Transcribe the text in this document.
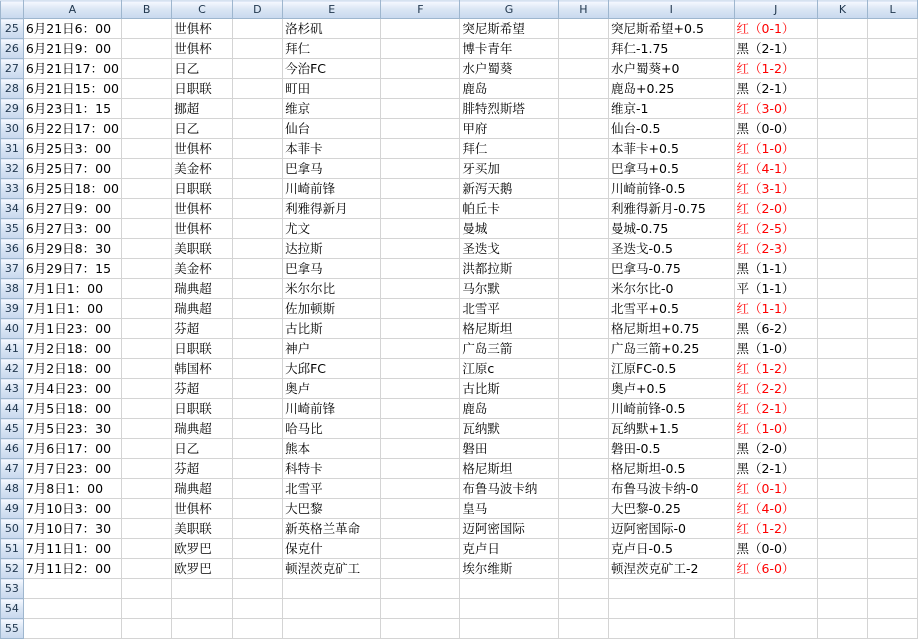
	A	B	C	D	E	F	G	H	I	J	K	L
25	6月21日6：00		世俱杯		洛杉矶		突尼斯希望		突尼斯希望+0.5	红（0-1）		
26	6月21日9：00		世俱杯		拜仁		博卡青年		拜仁-1.75	黑（2-1）		
27	6月21日17：00		日乙		今治FC		水户蜀葵		水户蜀葵+0	红（1-2）		
28	6月21日15：00		日职联		町田		鹿岛		鹿岛+0.25	黑（2-1）		
29	6月23日1：15		挪超		维京		腓特烈斯塔		维京-1	红（3-0）		
30	6月22日17：00		日乙		仙台		甲府		仙台-0.5	黑（0-0）		
31	6月25日3：00		世俱杯		本菲卡		拜仁		本菲卡+0.5	红（1-0）		
32	6月25日7：00		美金杯		巴拿马		牙买加		巴拿马+0.5	红（4-1）		
33	6月25日18：00		日职联		川崎前锋		新泻天鹅		川崎前锋-0.5	红（3-1）		
34	6月27日9：00		世俱杯		利雅得新月		帕丘卡		利雅得新月-0.75	红（2-0）		
35	6月27日3：00		世俱杯		尤文		曼城		曼城-0.75	红（2-5）		
36	6月29日8：30		美职联		达拉斯		圣迭戈		圣迭戈-0.5	红（2-3）		
37	6月29日7：15		美金杯		巴拿马		洪都拉斯		巴拿马-0.75	黑（1-1）		
38	7月1日1：00		瑞典超		米尔尔比		马尔默		米尔尔比-0	平（1-1）		
39	7月1日1：00		瑞典超		佐加顿斯		北雪平		北雪平+0.5	红（1-1）		
40	7月1日23：00		芬超		古比斯		格尼斯坦		格尼斯坦+0.75	黑（6-2）		
41	7月2日18：00		日职联		神户		广岛三箭		广岛三箭+0.25	黑（1-0）		
42	7月2日18：00		韩国杯		大邱FC		江原c		江原FC-0.5	红（1-2）		
43	7月4日23：00		芬超		奥卢		古比斯		奥卢+0.5	红（2-2）		
44	7月5日18：00		日职联		川崎前锋		鹿岛		川崎前锋-0.5	红（2-1）		
45	7月5日23：30		瑞典超		哈马比		瓦纳默		瓦纳默+1.5	红（1-0）		
46	7月6日17：00		日乙		熊本		磐田		磐田-0.5	黑（2-0）		
47	7月7日23：00		芬超		科特卡		格尼斯坦		格尼斯坦-0.5	黑（2-1）		
48	7月8日1：00		瑞典超		北雪平		布鲁马波卡纳		布鲁马波卡纳-0	红（0-1）		
49	7月10日3：00		世俱杯		大巴黎		皇马		大巴黎-0.25	红（4-0）		
50	7月10日7：30		美职联		新英格兰革命		迈阿密国际		迈阿密国际-0	红（1-2）		
51	7月11日1：00		欧罗巴		保克什		克卢日		克卢日-0.5	黑（0-0）		
52	7月11日2：00		欧罗巴		顿涅茨克矿工		埃尔维斯		顿涅茨克矿工-2	红（6-0）		
53												
54												
55												
